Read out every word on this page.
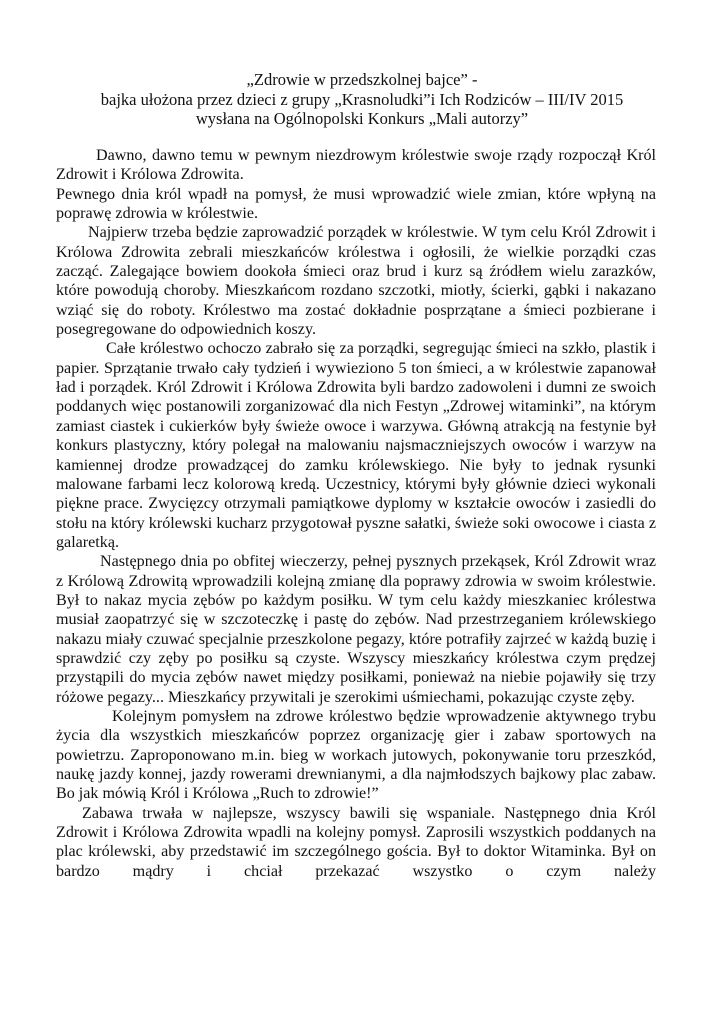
„Zdrowie w przedszkolnej bajce” -
bajka ułożona przez dzieci z grupy „Krasnoludki”i Ich Rodziców – III/IV 2015
wysłana na Ogólnopolski Konkurs „Mali autorzy”

Dawno, dawno temu w pewnym niezdrowym królestwie swoje rządy rozpoczął Król Zdrowit i Królowa Zdrowita.

Pewnego dnia król wpadł na pomysł, że musi wprowadzić wiele zmian, które wpłyną na poprawę zdrowia w królestwie.

Najpierw trzeba będzie zaprowadzić porządek w królestwie. W tym celu Król Zdrowit i Królowa Zdrowita zebrali mieszkańców królestwa i ogłosili, że wielkie porządki czas zacząć. Zalegające bowiem dookoła śmieci oraz brud i kurz są źródłem wielu zarazków, które powodują choroby. Mieszkańcom rozdano szczotki, miotły, ścierki, gąbki i nakazano wziąć się do roboty. Królestwo ma zostać dokładnie posprzątane a śmieci pozbierane i posegregowane do odpowiednich koszy.

Całe królestwo ochoczo zabrało się za porządki, segregując śmieci na szkło, plastik i papier. Sprzątanie trwało cały tydzień i wywieziono 5 ton śmieci, a w królestwie zapanował ład i porządek. Król Zdrowit i Królowa Zdrowita byli bardzo zadowoleni i dumni ze swoich poddanych więc postanowili zorganizować dla nich Festyn „Zdrowej witaminki”, na którym zamiast ciastek i cukierków były świeże owoce i warzywa. Główną atrakcją na festynie był konkurs plastyczny, który polegał na malowaniu najsmaczniejszych owoców i warzyw na kamiennej drodze prowadzącej do zamku królewskiego. Nie były to jednak rysunki malowane farbami lecz kolorową kredą. Uczestnicy, którymi były głównie dzieci wykonali piękne prace. Zwycięzcy otrzymali pamiątkowe dyplomy w kształcie owoców i zasiedli do stołu na który królewski kucharz przygotował pyszne sałatki, świeże soki owocowe i ciasta z galaretką.

Następnego dnia po obfitej wieczerzy, pełnej pysznych przekąsek, Król Zdrowit wraz z Królową Zdrowitą wprowadzili kolejną zmianę dla poprawy zdrowia w swoim królestwie. Był to nakaz mycia zębów po każdym posiłku. W tym celu każdy mieszkaniec królestwa musiał zaopatrzyć się w szczoteczkę i pastę do zębów. Nad przestrzeganiem królewskiego nakazu miały czuwać specjalnie przeszkolone pegazy, które potrafiły zajrzeć w każdą buzię i sprawdzić czy zęby po posiłku są czyste. Wszyscy mieszkańcy królestwa czym prędzej przystąpili do mycia zębów nawet między posiłkami, ponieważ na niebie pojawiły się trzy różowe pegazy... Mieszkańcy przywitali je szerokimi uśmiechami, pokazując czyste zęby.

Kolejnym pomysłem na zdrowe królestwo będzie wprowadzenie aktywnego trybu życia dla wszystkich mieszkańców poprzez organizację gier i zabaw sportowych na powietrzu. Zaproponowano m.in. bieg w workach jutowych, pokonywanie toru przeszkód, naukę jazdy konnej, jazdy rowerami drewnianymi, a dla najmłodszych bajkowy plac zabaw. Bo jak mówią Król i Królowa „Ruch to zdrowie!”

Zabawa trwała w najlepsze, wszyscy bawili się wspaniale. Następnego dnia Król Zdrowit i Królowa Zdrowita wpadli na kolejny pomysł. Zaprosili wszystkich poddanych na plac królewski, aby przedstawić im szczególnego gościa. Był to doktor Witaminka. Był on bardzo mądry i chciał przekazać wszystko o czym należy
